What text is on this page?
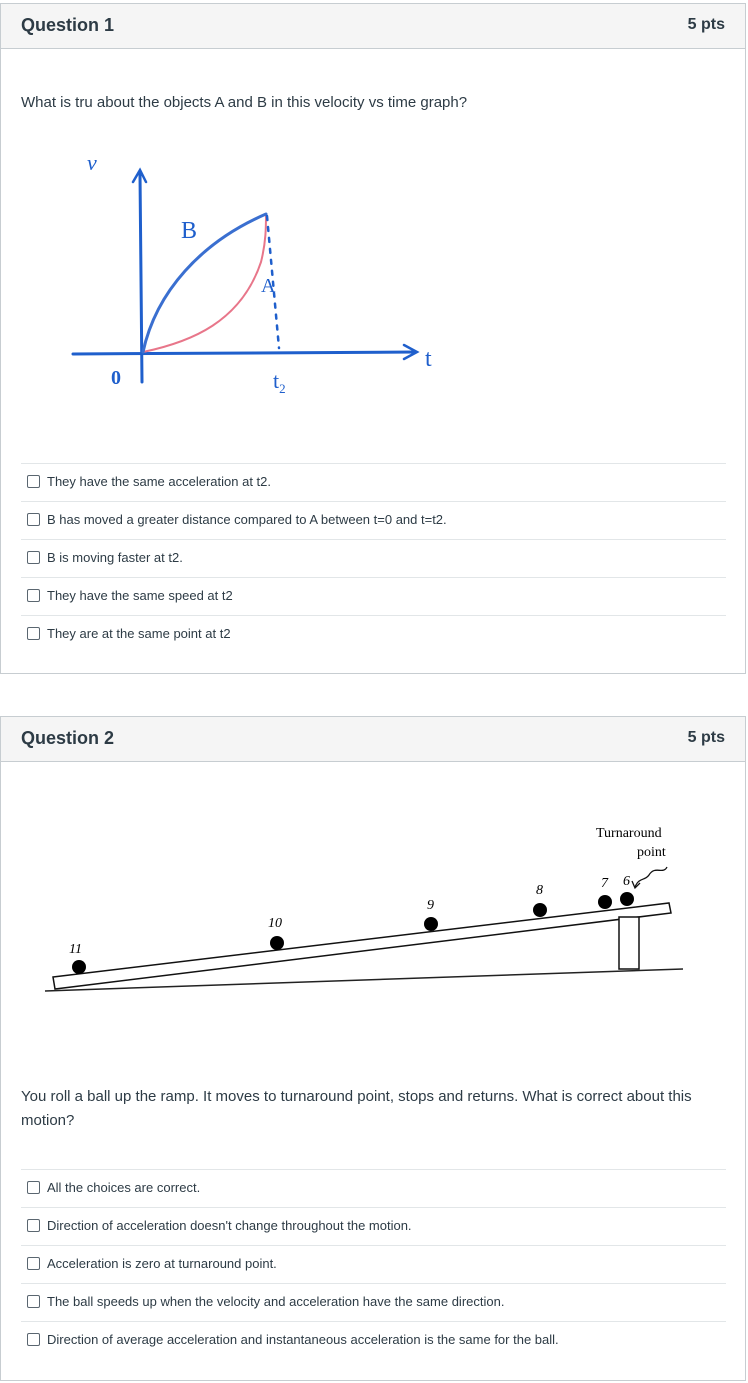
Question 1	5 pts
What is tru about the objects A and B in this velocity vs time graph?
v
B
A
t
0	$t_2$
They have the same acceleration at t2.
B has moved a greater distance compared to A between t=0 and t=t2.
B is moving faster at t2.
They have the same speed at t2
They are at the same point at t2
Question 2	5 pts
11
10
9
8	7 6
Turnaround
point
You roll a ball up the ramp. It moves to turnaround point, stops and returns. What is correct about this motion?
All the choices are correct.
Direction of acceleration doesn't change throughout the motion.
Acceleration is zero at turnaround point.
The ball speeds up when the velocity and acceleration have the same direction.
Direction of average acceleration and instantaneous acceleration is the same for the ball.
